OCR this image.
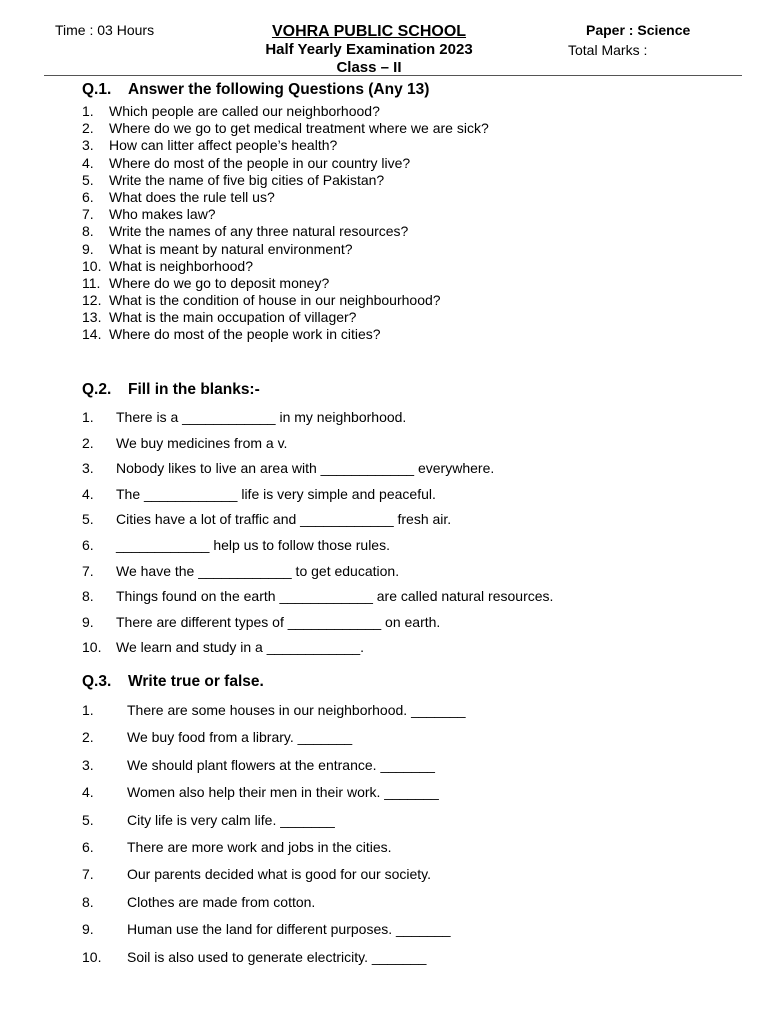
Time : 03 Hours	VOHRA PUBLIC SCHOOL
Half Yearly Examination 2023
Class – II
Paper : Science
Total Marks :
Q.1. Answer the following Questions (Any 13)
1. Which people are called our neighborhood?
2. Where do we go to get medical treatment where we are sick?
3. How can litter affect people’s health?
4. Where do most of the people in our country live?
5. Write the name of five big cities of Pakistan?
6. What does the rule tell us?
7. Who makes law?
8. Write the names of any three natural resources?
9. What is meant by natural environment?
10. What is neighborhood?
11. Where do we go to deposit money?
12. What is the condition of house in our neighbourhood?
13. What is the main occupation of villager?
14. Where do most of the people work in cities?
Q.2. Fill in the blanks:-
1. There is a ____________ in my neighborhood.
2. We buy medicines from a v.
3. Nobody likes to live an area with ____________ everywhere.
4. The ____________ life is very simple and peaceful.
5. Cities have a lot of traffic and ____________ fresh air.
6. ____________ help us to follow those rules.
7. We have the ____________ to get education.
8. Things found on the earth ____________ are called natural resources.
9. There are different types of ____________ on earth.
10. We learn and study in a ____________.
Q.3. Write true or false.
1. There are some houses in our neighborhood. _______
2. We buy food from a library. _______
3. We should plant flowers at the entrance. _______
4. Women also help their men in their work. _______
5. City life is very calm life. _______
6. There are more work and jobs in the cities.
7. Our parents decided what is good for our society.
8. Clothes are made from cotton.
9. Human use the land for different purposes. _______
10. Soil is also used to generate electricity. _______
